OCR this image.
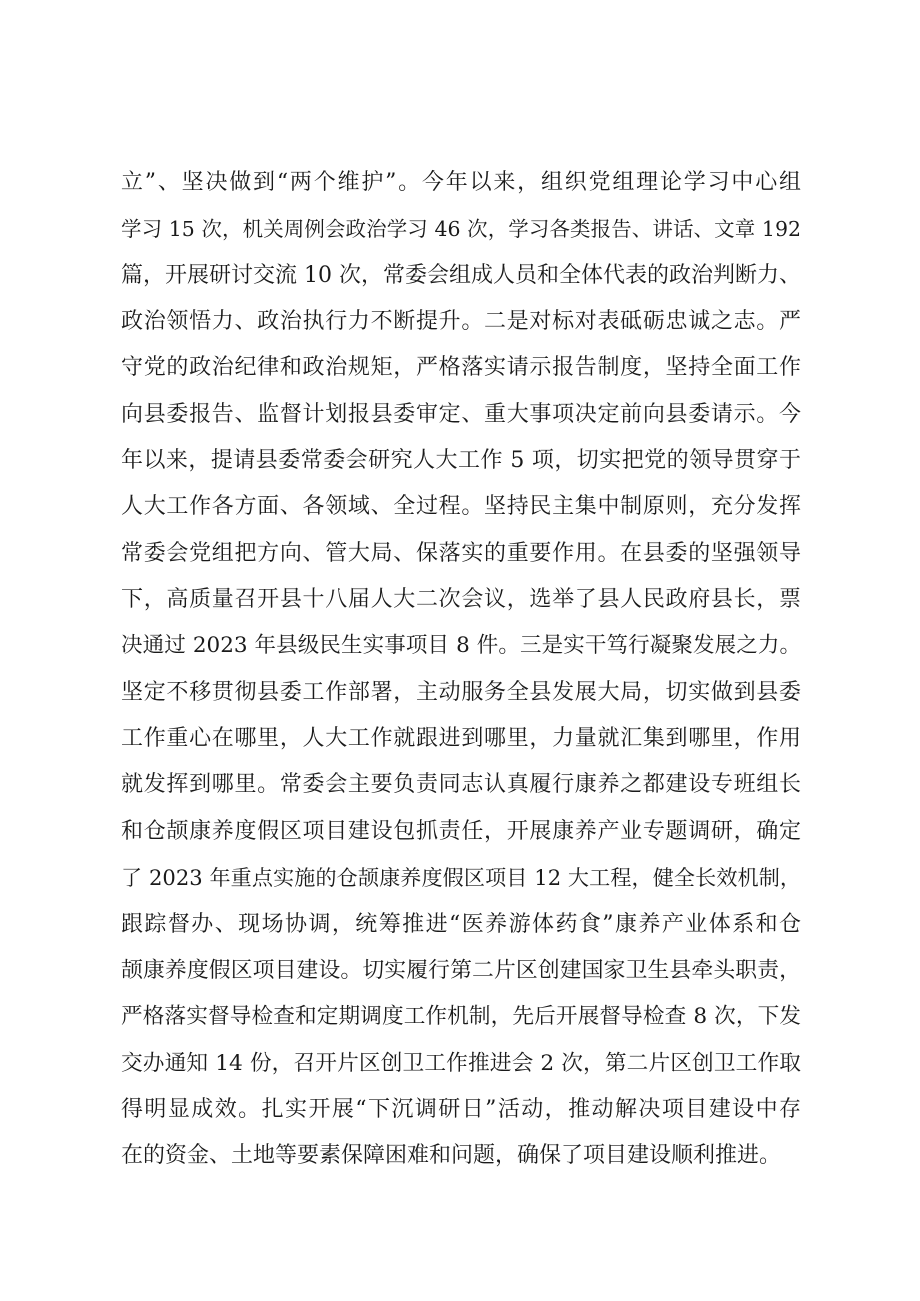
立”、坚决做到“两个维护”。今年以来，组织党组理论学习中心组
学习 15 次，机关周例会政治学习 46 次，学习各类报告、讲话、文章 192
篇，开展研讨交流 10 次，常委会组成人员和全体代表的政治判断力、
政治领悟力、政治执行力不断提升。二是对标对表砥砺忠诚之志。严
守党的政治纪律和政治规矩，严格落实请示报告制度，坚持全面工作
向县委报告、监督计划报县委审定、重大事项决定前向县委请示。今
年以来，提请县委常委会研究人大工作 5 项，切实把党的领导贯穿于
人大工作各方面、各领域、全过程。坚持民主集中制原则，充分发挥
常委会党组把方向、管大局、保落实的重要作用。在县委的坚强领导
下，高质量召开县十八届人大二次会议，选举了县人民政府县长，票
决通过 2023 年县级民生实事项目 8 件。三是实干笃行凝聚发展之力。
坚定不移贯彻县委工作部署，主动服务全县发展大局，切实做到县委
工作重心在哪里，人大工作就跟进到哪里，力量就汇集到哪里，作用
就发挥到哪里。常委会主要负责同志认真履行康养之都建设专班组长
和仓颉康养度假区项目建设包抓责任，开展康养产业专题调研，确定
了 2023 年重点实施的仓颉康养度假区项目 12 大工程，健全长效机制，
跟踪督办、现场协调，统筹推进“医养游体药食”康养产业体系和仓
颉康养度假区项目建设。切实履行第二片区创建国家卫生县牵头职责，
严格落实督导检查和定期调度工作机制，先后开展督导检查 8 次，下发
交办通知 14 份，召开片区创卫工作推进会 2 次，第二片区创卫工作取
得明显成效。扎实开展“下沉调研日”活动，推动解决项目建设中存
在的资金、土地等要素保障困难和问题，确保了项目建设顺利推进。
